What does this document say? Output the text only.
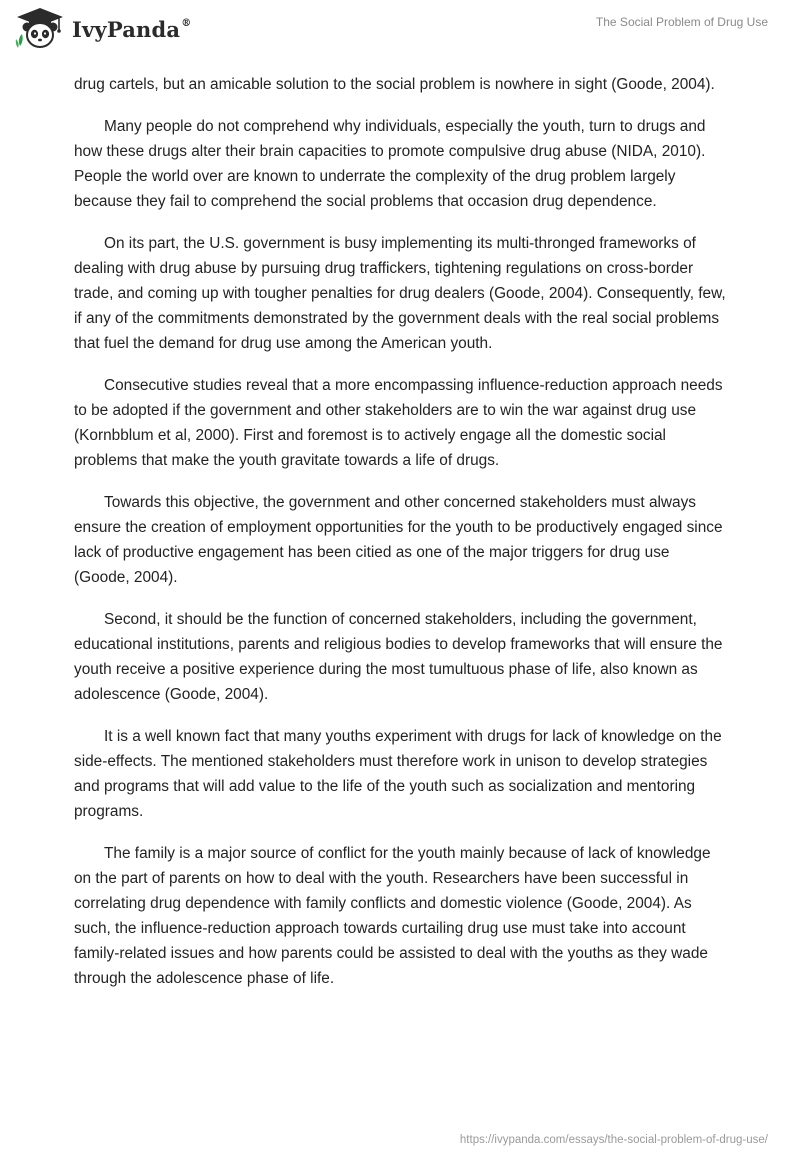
IvyPanda®	The Social Problem of Drug Use

drug cartels, but an amicable solution to the social problem is nowhere in sight (Goode, 2004).

Many people do not comprehend why individuals, especially the youth, turn to drugs and how these drugs alter their brain capacities to promote compulsive drug abuse (NIDA, 2010). People the world over are known to underrate the complexity of the drug problem largely because they fail to comprehend the social problems that occasion drug dependence.

On its part, the U.S. government is busy implementing its multi-thronged frameworks of dealing with drug abuse by pursuing drug traffickers, tightening regulations on cross-border trade, and coming up with tougher penalties for drug dealers (Goode, 2004). Consequently, few, if any of the commitments demonstrated by the government deals with the real social problems that fuel the demand for drug use among the American youth.

Consecutive studies reveal that a more encompassing influence-reduction approach needs to be adopted if the government and other stakeholders are to win the war against drug use (Kornbblum et al, 2000). First and foremost is to actively engage all the domestic social problems that make the youth gravitate towards a life of drugs.

Towards this objective, the government and other concerned stakeholders must always ensure the creation of employment opportunities for the youth to be productively engaged since lack of productive engagement has been citied as one of the major triggers for drug use (Goode, 2004).

Second, it should be the function of concerned stakeholders, including the government, educational institutions, parents and religious bodies to develop frameworks that will ensure the youth receive a positive experience during the most tumultuous phase of life, also known as adolescence (Goode, 2004).

It is a well known fact that many youths experiment with drugs for lack of knowledge on the side-effects. The mentioned stakeholders must therefore work in unison to develop strategies and programs that will add value to the life of the youth such as socialization and mentoring programs.

The family is a major source of conflict for the youth mainly because of lack of knowledge on the part of parents on how to deal with the youth. Researchers have been successful in correlating drug dependence with family conflicts and domestic violence (Goode, 2004). As such, the influence-reduction approach towards curtailing drug use must take into account family-related issues and how parents could be assisted to deal with the youths as they wade through the adolescence phase of life.

https://ivypanda.com/essays/the-social-problem-of-drug-use/
